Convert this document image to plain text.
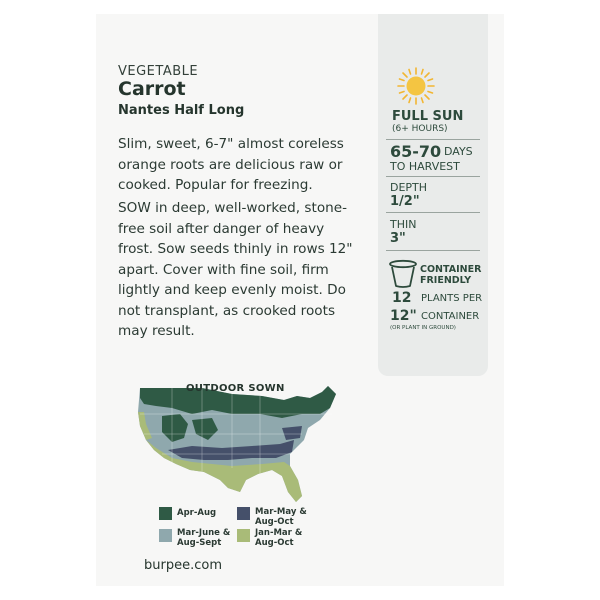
VEGETABLE
Carrot
Nantes Half Long
Slim, sweet, 6-7" almost coreless orange roots are delicious raw or cooked. Popular for freezing.
SOW in deep, well-worked, stone-free soil after danger of heavy frost. Sow seeds thinly in rows 12" apart. Cover with fine soil, firm lightly and keep evenly moist. Do not transplant, as crooked roots may result.
FULL SUN
(6+ HOURS)
65-70 DAYS
TO HARVEST
DEPTH
1/2"
THIN
3"
CONTAINER
FRIENDLY
12 PLANTS PER
12" CONTAINER
(OR PLANT IN GROUND)
OUTDOOR SOWN
Apr-Aug	Mar-May & Aug-Oct
Mar-June & Aug-Sept
Jan-Mar & Aug-Oct
burpee.com
